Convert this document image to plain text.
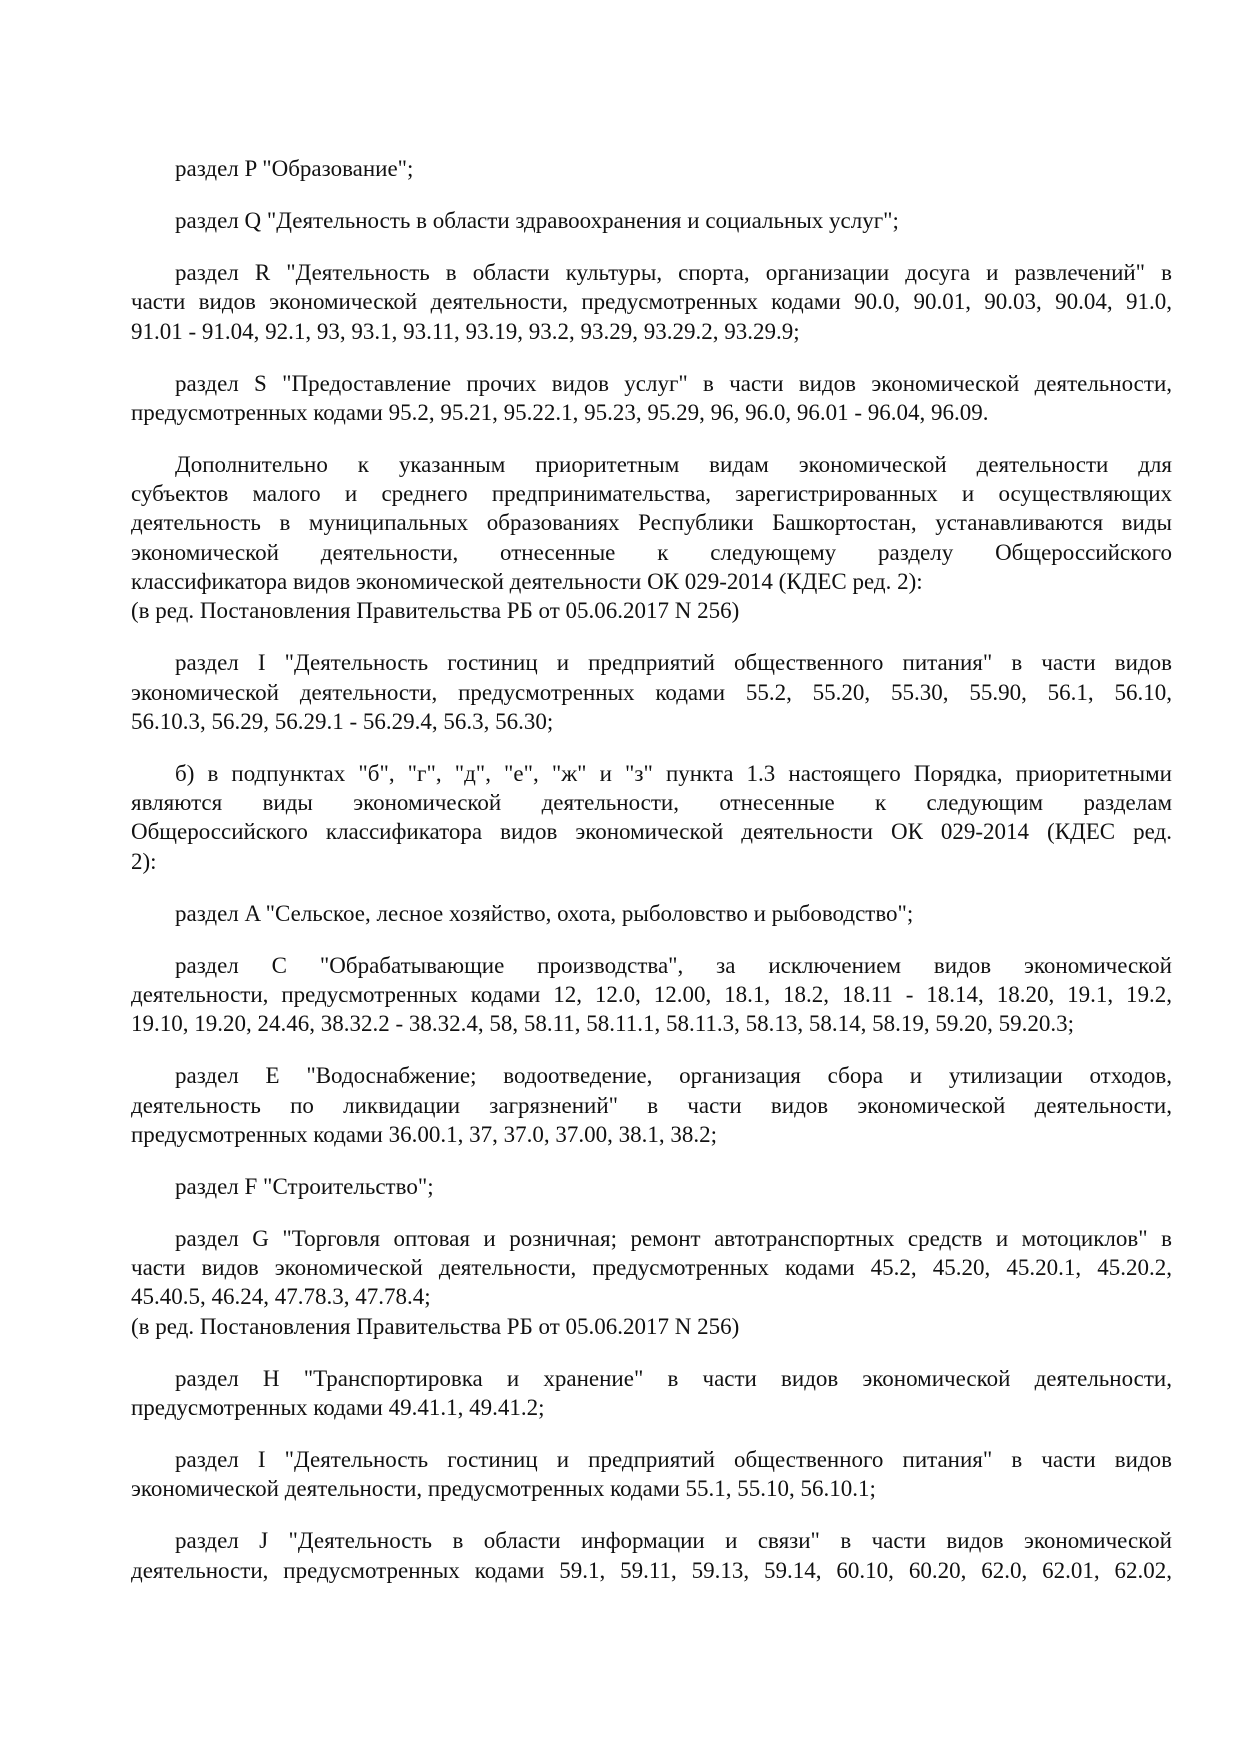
раздел P "Образование";
раздел Q "Деятельность в области здравоохранения и социальных услуг";
раздел R "Деятельность в области культуры, спорта, организации досуга и развлечений" в
части видов экономической деятельности, предусмотренных кодами 90.0, 90.01, 90.03, 90.04, 91.0,
91.01 - 91.04, 92.1, 93, 93.1, 93.11, 93.19, 93.2, 93.29, 93.29.2, 93.29.9;
раздел S "Предоставление прочих видов услуг" в части видов экономической деятельности,
предусмотренных кодами 95.2, 95.21, 95.22.1, 95.23, 95.29, 96, 96.0, 96.01 - 96.04, 96.09.
Дополнительно к указанным приоритетным видам экономической деятельности для
субъектов малого и среднего предпринимательства, зарегистрированных и осуществляющих
деятельность в муниципальных образованиях Республики Башкортостан, устанавливаются виды
экономической деятельности, отнесенные к следующему разделу Общероссийского
классификатора видов экономической деятельности ОК 029-2014 (КДЕС ред. 2):
(в ред. Постановления Правительства РБ от 05.06.2017 N 256)
раздел I "Деятельность гостиниц и предприятий общественного питания" в части видов
экономической деятельности, предусмотренных кодами 55.2, 55.20, 55.30, 55.90, 56.1, 56.10,
56.10.3, 56.29, 56.29.1 - 56.29.4, 56.3, 56.30;
б) в подпунктах "б", "г", "д", "е", "ж" и "з" пункта 1.3 настоящего Порядка, приоритетными
являются виды экономической деятельности, отнесенные к следующим разделам
Общероссийского классификатора видов экономической деятельности ОК 029-2014 (КДЕС ред.
2):
раздел A "Сельское, лесное хозяйство, охота, рыболовство и рыбоводство";
раздел C "Обрабатывающие производства", за исключением видов экономической
деятельности, предусмотренных кодами 12, 12.0, 12.00, 18.1, 18.2, 18.11 - 18.14, 18.20, 19.1, 19.2,
19.10, 19.20, 24.46, 38.32.2 - 38.32.4, 58, 58.11, 58.11.1, 58.11.3, 58.13, 58.14, 58.19, 59.20, 59.20.3;
раздел E "Водоснабжение; водоотведение, организация сбора и утилизации отходов,
деятельность по ликвидации загрязнений" в части видов экономической деятельности,
предусмотренных кодами 36.00.1, 37, 37.0, 37.00, 38.1, 38.2;
раздел F "Строительство";
раздел G "Торговля оптовая и розничная; ремонт автотранспортных средств и мотоциклов" в
части видов экономической деятельности, предусмотренных кодами 45.2, 45.20, 45.20.1, 45.20.2,
45.40.5, 46.24, 47.78.3, 47.78.4;
(в ред. Постановления Правительства РБ от 05.06.2017 N 256)
раздел H "Транспортировка и хранение" в части видов экономической деятельности,
предусмотренных кодами 49.41.1, 49.41.2;
раздел I "Деятельность гостиниц и предприятий общественного питания" в части видов
экономической деятельности, предусмотренных кодами 55.1, 55.10, 56.10.1;
раздел J "Деятельность в области информации и связи" в части видов экономической
деятельности, предусмотренных кодами 59.1, 59.11, 59.13, 59.14, 60.10, 60.20, 62.0, 62.01, 62.02,
